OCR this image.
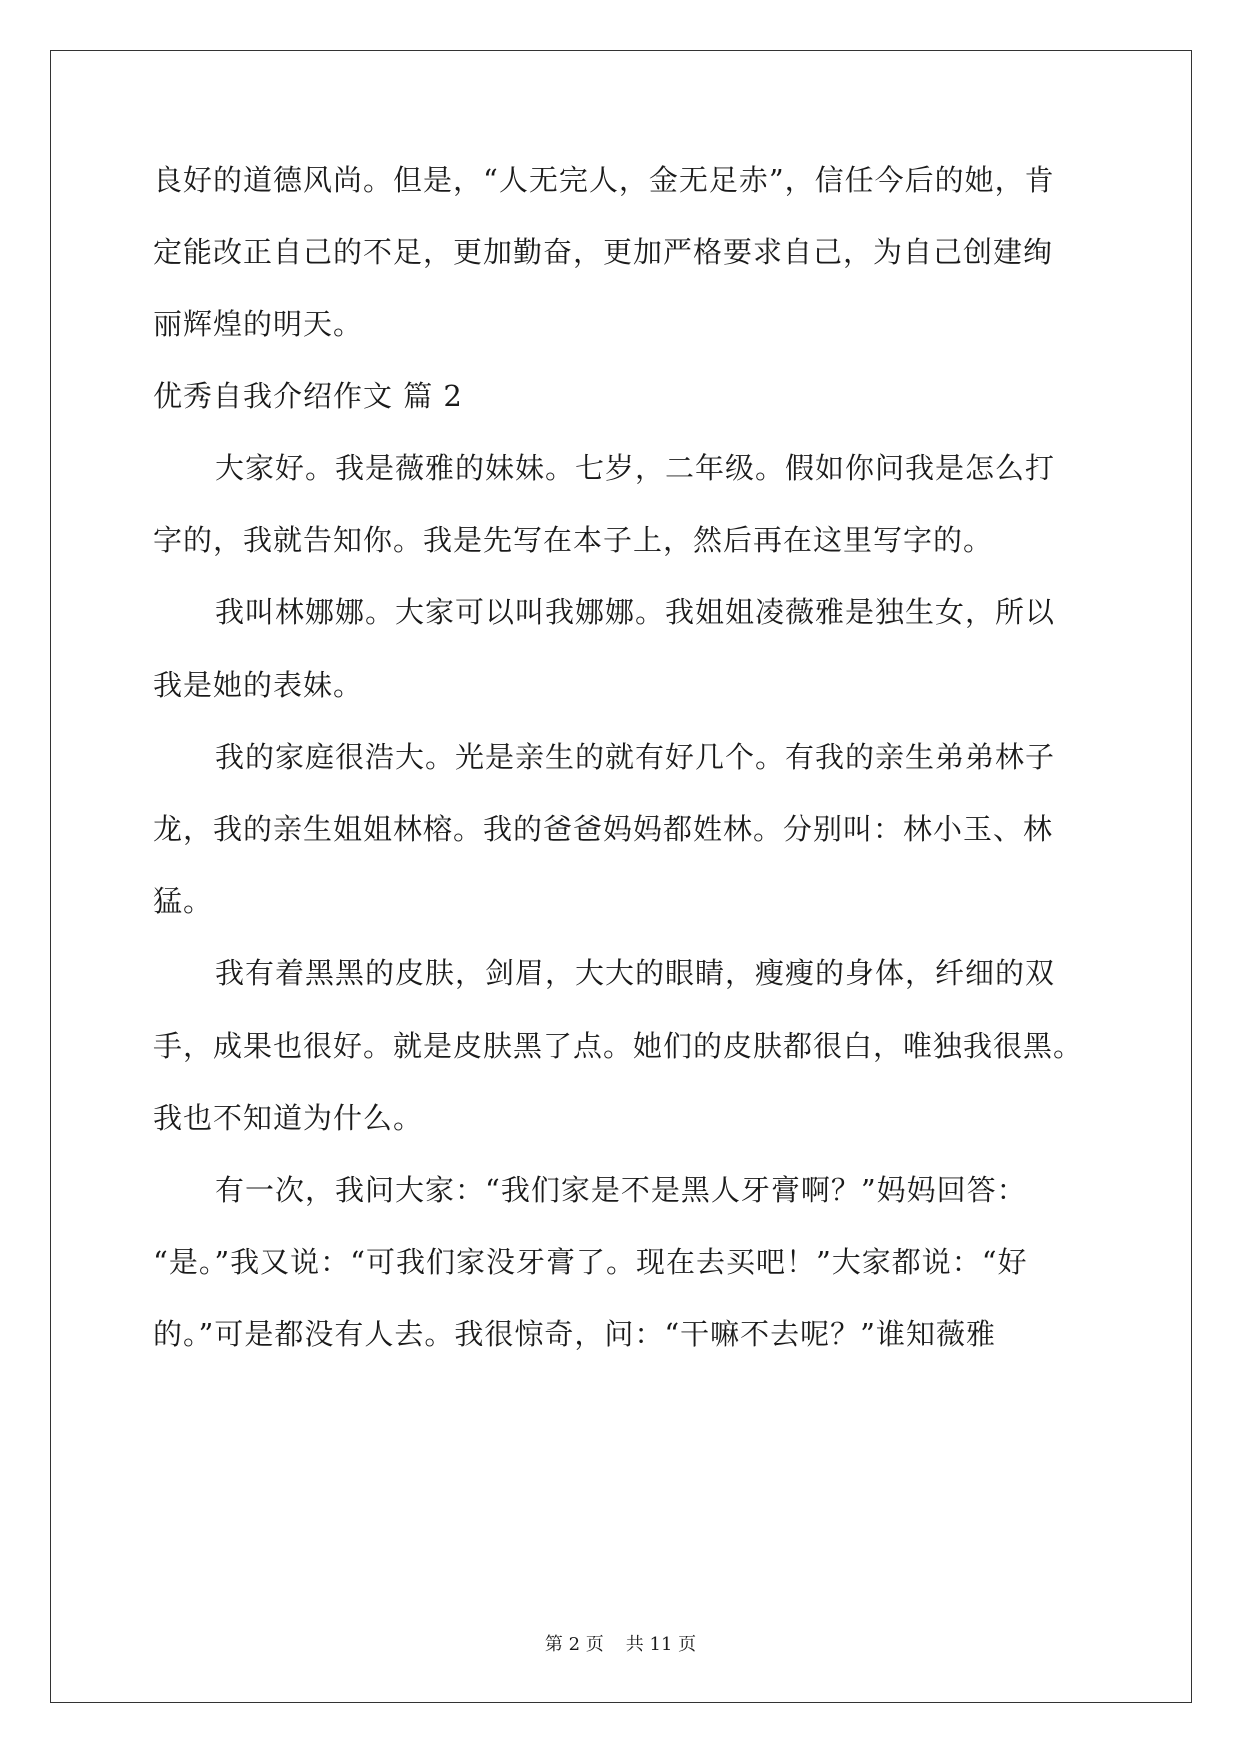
良好的道德风尚。但是，“人无完人，金无足赤”，信任今后的她，肯
定能改正自己的不足，更加勤奋，更加严格要求自己，为自己创建绚
丽辉煌的明天。
优秀自我介绍作文 篇 2
大家好。我是薇雅的妹妹。七岁，二年级。假如你问我是怎么打
字的，我就告知你。我是先写在本子上，然后再在这里写字的。
我叫林娜娜。大家可以叫我娜娜。我姐姐凌薇雅是独生女，所以
我是她的表妹。
我的家庭很浩大。光是亲生的就有好几个。有我的亲生弟弟林子
龙，我的亲生姐姐林榕。我的爸爸妈妈都姓林。分别叫：林小玉、林
猛。
我有着黑黑的皮肤，剑眉，大大的眼睛，瘦瘦的身体，纤细的双
手，成果也很好。就是皮肤黑了点。她们的皮肤都很白，唯独我很黑。
我也不知道为什么。
有一次，我问大家：“我们家是不是黑人牙膏啊？”妈妈回答：
“是。”我又说：“可我们家没牙膏了。现在去买吧！”大家都说：“好
的。”可是都没有人去。我很惊奇，问：“干嘛不去呢？”谁知薇雅
第 2 页 共 11 页
